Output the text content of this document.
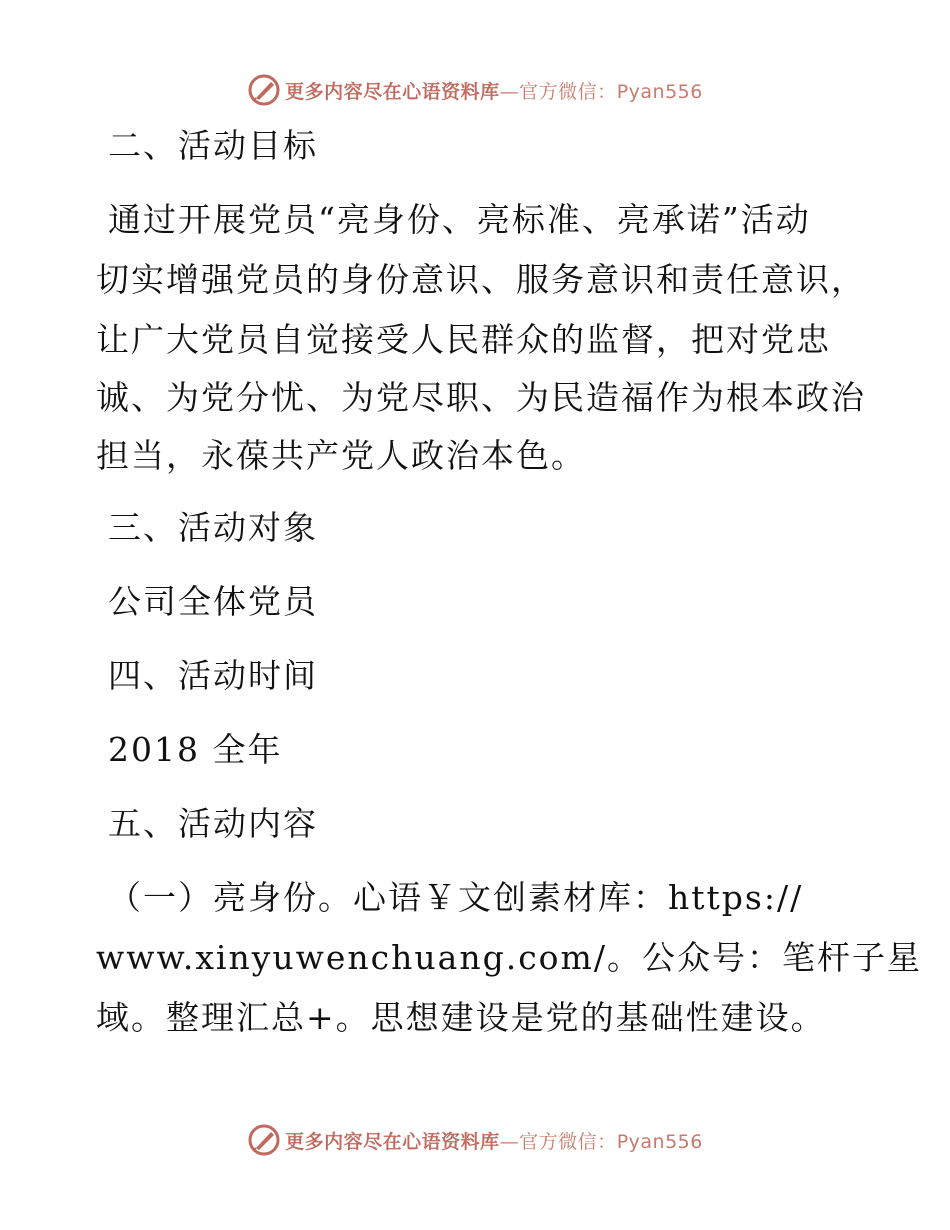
更多内容尽在心语资料库—官方微信：Pyan556
二、活动目标
通过开展党员“亮身份、亮标准、亮承诺”活动
切实增强党员的身份意识、服务意识和责任意识，
让广大党员自觉接受人民群众的监督，把对党忠
诚、为党分忧、为党尽职、为民造福作为根本政治
担当，永葆共产党人政治本色。
三、活动对象
公司全体党员
四、活动时间
2018 全年
五、活动内容
（一）亮身份。心语￥文创素材库：https://
www.xinyuwenchuang.com/。公众号：笔杆子星
域。整理汇总+。思想建设是党的基础性建设。
更多内容尽在心语资料库—官方微信：Pyan556
